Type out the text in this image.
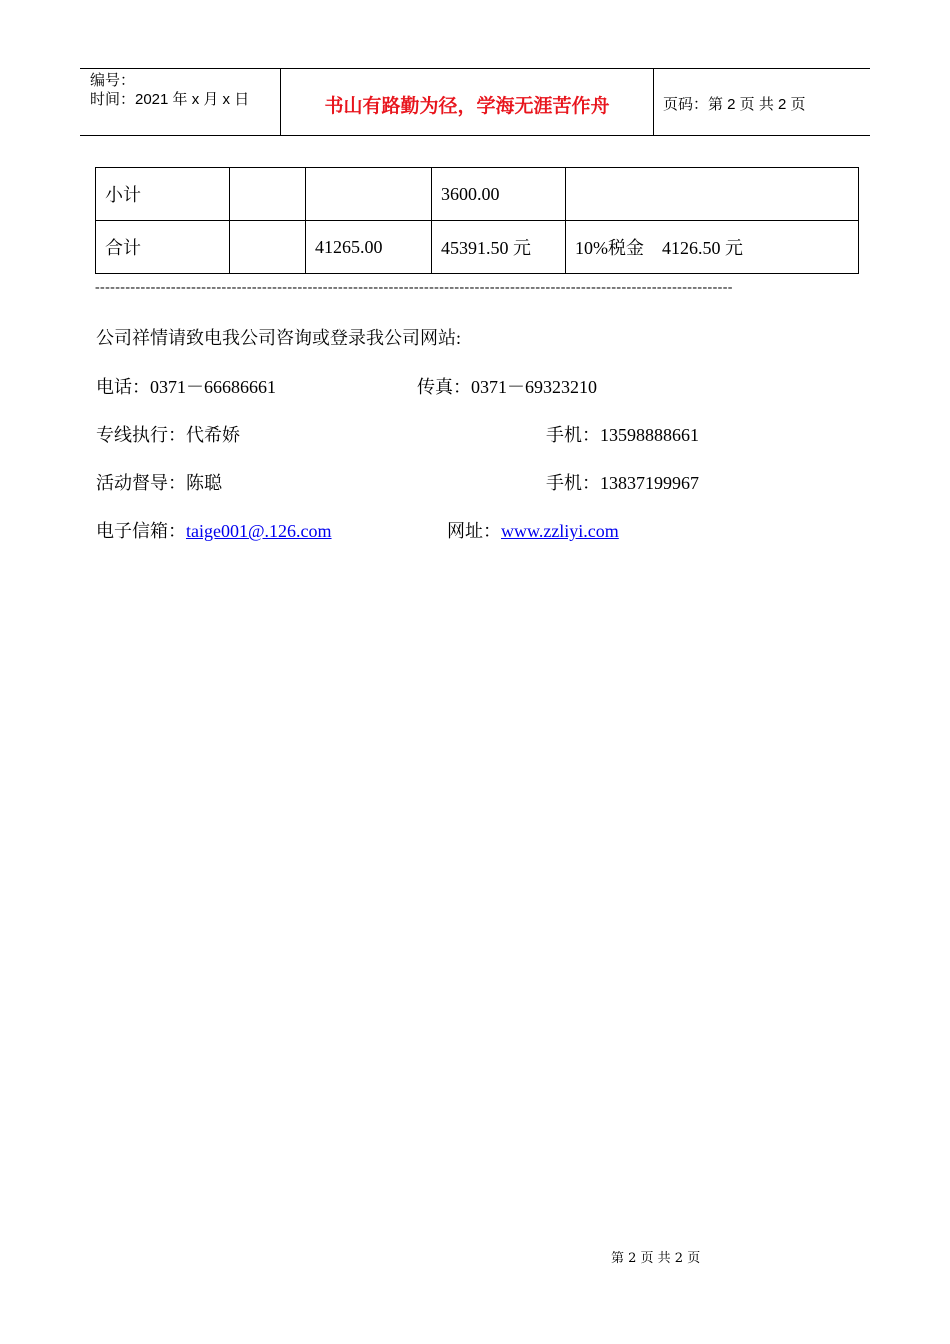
编号：
时间：2021 年 x 月 x 日	书山有路勤为径，学海无涯苦作舟	页码：第 2 页 共 2 页
小计			3600.00	
合计		41265.00	45391.50 元	10%税金    4126.50 元
------------------------------------------------------------------------------------------------------------------------------
公司祥情请致电我公司咨询或登录我公司网站:
电话：0371－66686661	传真：0371－69323210
专线执行：代希娇	手机：13598888661
活动督导：陈聪	手机：13837199967
电子信箱：taige001@.126.com	网址：www.zzliyi.com
第 2 页 共 2 页
